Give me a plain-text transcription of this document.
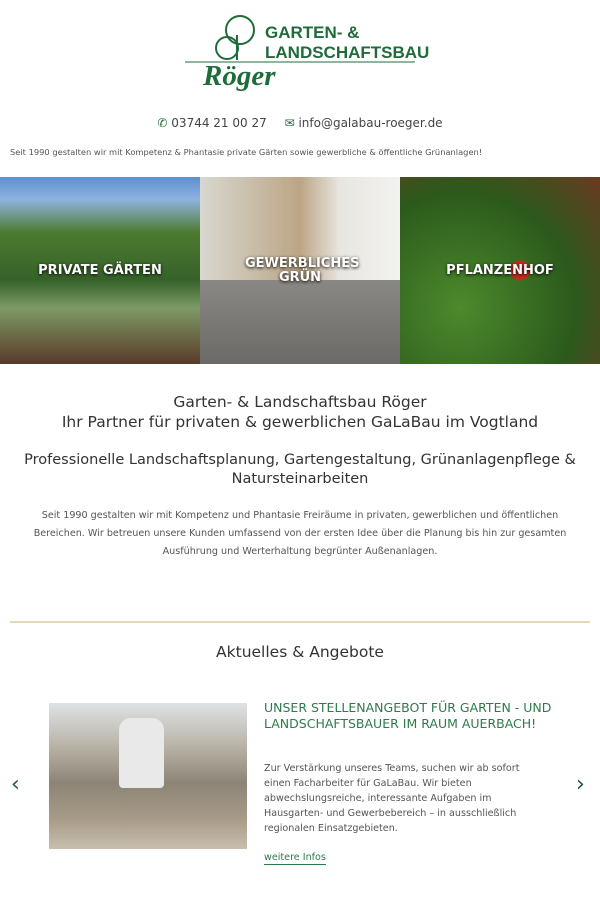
GARTEN- &
LANDSCHAFTSBAU
Röger
✆ 03744 21 00 27 ✉ info@galabau-roeger.de
Seit 1990 gestalten wir mit Kompetenz & Phantasie private Gärten sowie gewerbliche & öffentliche Grünanlagen!
PRIVATE GÄRTEN	GEWERBLICHES GRÜN	PFLANZENHOF
Garten- & Landschaftsbau Röger
Ihr Partner für privaten & gewerblichen GaLaBau im Vogtland
Professionelle Landschaftsplanung, Gartengestaltung, Grünanlagenpflege & Natursteinarbeiten
Seit 1990 gestalten wir mit Kompetenz und Phantasie Freiräume in privaten, gewerblichen und öffentlichen Bereichen. Wir betreuen unsere Kunden umfassend von der ersten Idee über die Planung bis hin zur gesamten Ausführung und Werterhaltung begrünter Außenanlagen.
Aktuelles & Angebote
‹
UNSER STELLENANGEBOT FÜR GARTEN - UND LANDSCHAFTSBAUER IM RAUM AUERBACH!
Zur Verstärkung unseres Teams, suchen wir ab sofort einen Facharbeiter für GaLaBau. Wir bieten abwechslungsreiche, interessante Aufgaben im Hausgarten- und Gewerbebereich – in ausschließlich regionalen Einsatzgebieten.
weitere Infos
›
